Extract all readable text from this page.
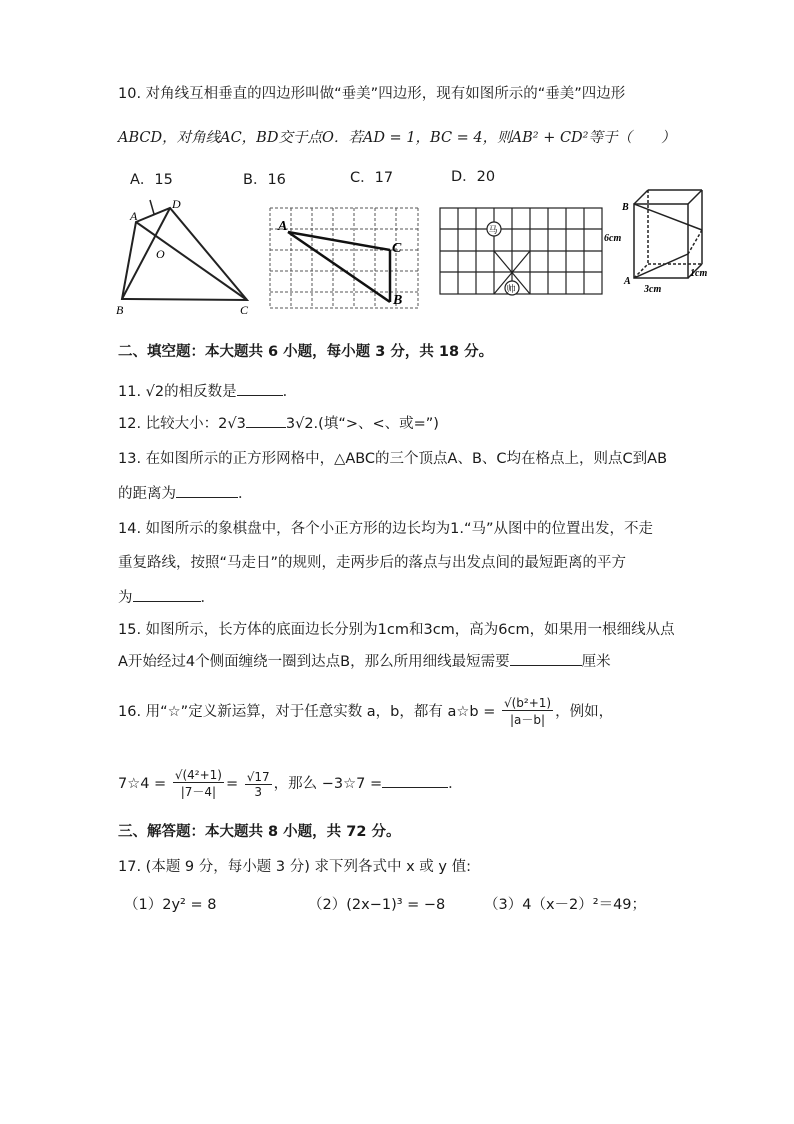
10. 对角线互相垂直的四边形叫做“垂美”四边形，现有如图所示的“垂美”四边形
ABCD，对角线AC，BD交于点O．若AD = 1，BC = 4，则AB² + CD²等于（　　）
A．15	B．16	C．17	D．20
A
D
O
B	C
A
C
B
马
帅
B
6cm
A
3cm
1cm
二、填空题：本大题共 6 小题，每小题 3 分，共 18 分。
11. √2的相反数是	．
12. 比较大小：2√3	3√2.(填“>、<、或=”)
13. 在如图所示的正方形网格中，△ABC的三个顶点A、B、C均在格点上，则点C到AB
的距离为	．
14. 如图所示的象棋盘中，各个小正方形的边长均为1.“马”从图中的位置出发，不走
重复路线，按照“马走日”的规则，走两步后的落点与出发点间的最短距离的平方
为	．
15. 如图所示，长方体的底面边长分别为1cm和3cm，高为6cm，如果用一根细线从点
A开始经过4个侧面缠绕一圈到达点B，那么所用细线最短需要	厘米
16. 用“☆”定义新运算，对于任意实数 a，b，都有 a☆b = $\frac{\text{√(b²+1)}}{|a-b|}$ ，例如，
7☆4 = $\frac{\text{√(4²+1)}}{|7-4|} = \frac{√17}{3}$ ，那么 −3☆7 =	．
三、解答题：本大题共 8 小题，共 72 分。
17. (本题 9 分，每小题 3 分) 求下列各式中 x 或 y 值:
（1）2y² = 8	（2）(2x−1)³ = −8	（3）4（x－2）²＝49；
